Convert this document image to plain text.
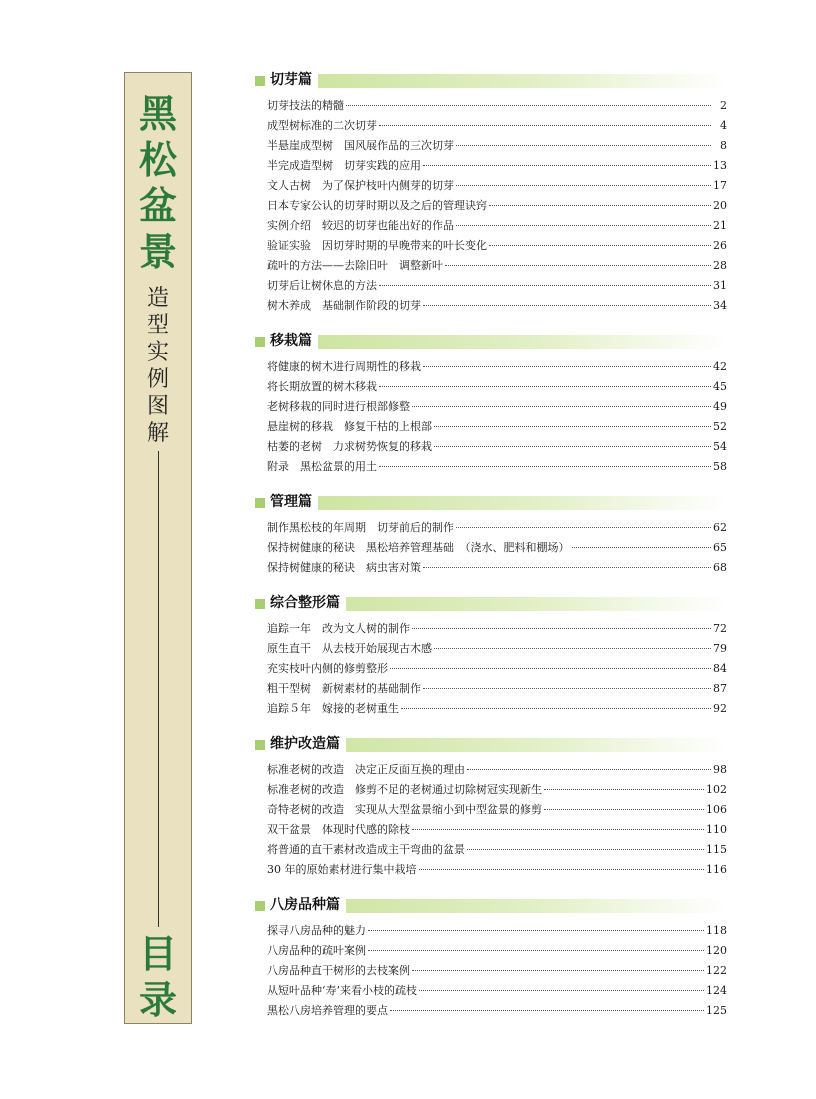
黑
松
盆
景
造
型
实
例
图
解
目
录
切芽篇
切芽技法的精髓	2
成型树标准的二次切芽	4
半悬崖成型树　国风展作品的三次切芽	8
半完成造型树　切芽实践的应用	13
文人古树　为了保护枝叶内侧芽的切芽	17
日本专家公认的切芽时期以及之后的管理诀窍	20
实例介绍　较迟的切芽也能出好的作品	21
验证实验　因切芽时期的早晚带来的叶长变化	26
疏叶的方法——去除旧叶　调整新叶	28
切芽后让树休息的方法	31
树木养成　基础制作阶段的切芽	34
移栽篇
将健康的树木进行周期性的移栽	42
将长期放置的树木移栽	45
老树移栽的同时进行根部修整	49
悬崖树的移栽　修复干枯的上根部	52
枯萎的老树　力求树势恢复的移栽	54
附录　黑松盆景的用土	58
管理篇
制作黑松枝的年周期　切芽前后的制作	62
保持树健康的秘诀　黑松培养管理基础　（浇水、肥料和棚场）	65
保持树健康的秘诀　病虫害对策	68
综合整形篇
追踪一年　改为文人树的制作	72
原生直干　从去枝开始展现古木感	79
充实枝叶内侧的修剪整形	84
粗干型树　新树素材的基础制作	87
追踪５年　嫁接的老树重生	92
维护改造篇
标准老树的改造　决定正反面互换的理由	98
标准老树的改造　修剪不足的老树通过切除树冠实现新生	102
奇特老树的改造　实现从大型盆景缩小到中型盆景的修剪	106
双干盆景　体现时代感的除枝	110
将普通的直干素材改造成主干弯曲的盆景	115
30 年的原始素材进行集中栽培	116
八房品种篇
探寻八房品种的魅力	118
八房品种的疏叶案例	120
八房品种直干树形的去枝案例	122
从短叶品种‘寿’来看小枝的疏枝	124
黑松八房培养管理的要点	125
